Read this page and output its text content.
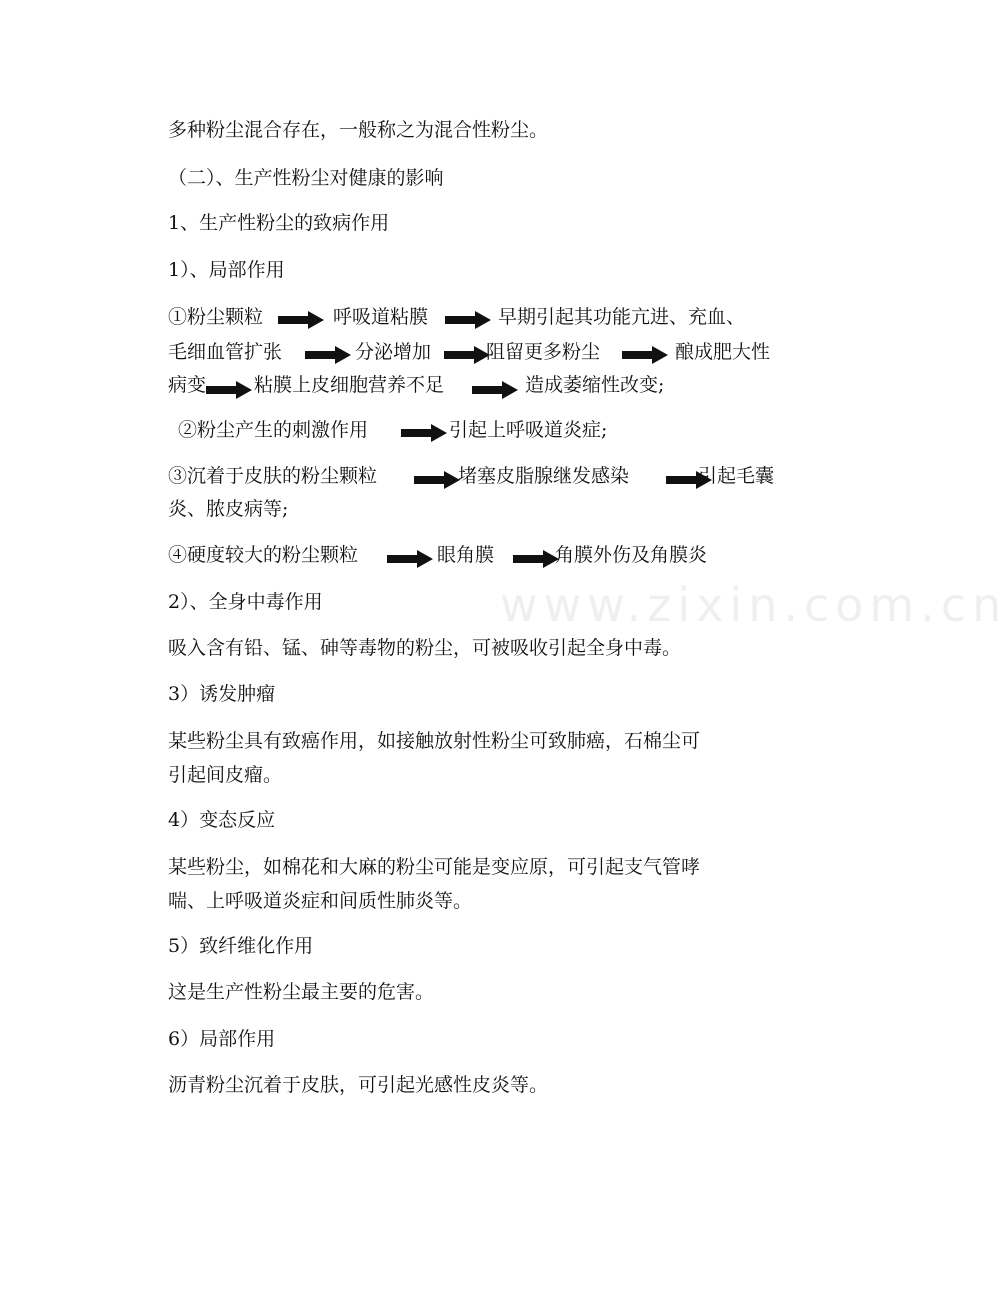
www.zixin.com.cn
多种粉尘混合存在，一般称之为混合性粉尘。
（二）、生产性粉尘对健康的影响
1、生产性粉尘的致病作用
1）、局部作用
①粉尘颗粒	呼吸道粘膜	早期引起其功能亢进、充血、
毛细血管扩张	分泌增加	阻留更多粉尘	酿成肥大性
病变	粘膜上皮细胞营养不足	造成萎缩性改变;
②粉尘产生的刺激作用	引起上呼吸道炎症;
③沉着于皮肤的粉尘颗粒	堵塞皮脂腺继发感染	引起毛囊
炎、脓皮病等;
④硬度较大的粉尘颗粒	眼角膜	角膜外伤及角膜炎
2）、全身中毒作用
吸入含有铅、锰、砷等毒物的粉尘，可被吸收引起全身中毒。
3）诱发肿瘤
某些粉尘具有致癌作用，如接触放射性粉尘可致肺癌，石棉尘可
引起间皮瘤。
4）变态反应
某些粉尘，如棉花和大麻的粉尘可能是变应原，可引起支气管哮
喘、上呼吸道炎症和间质性肺炎等。
5）致纤维化作用
这是生产性粉尘最主要的危害。
6）局部作用
沥青粉尘沉着于皮肤，可引起光感性皮炎等。
